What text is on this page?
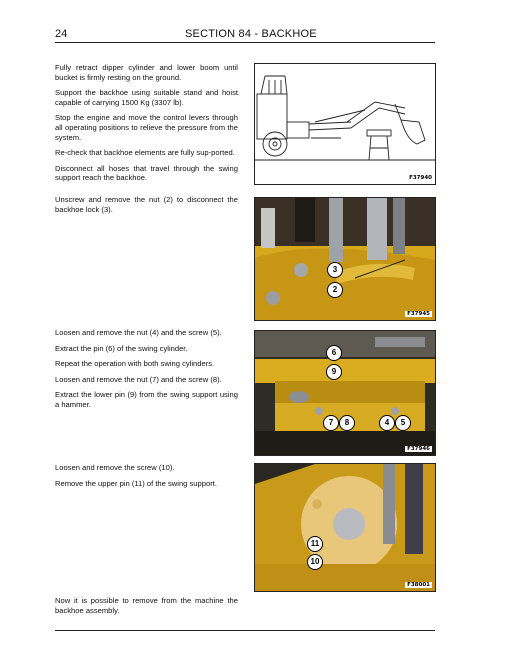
24	SECTION 84 - BACKHOE

Fully retract dipper cylinder and lower boom until bucket is firmly resting on the ground.

Support the backhoe using suitable stand and hoist capable of carrying 1500 Kg (3307 lb).

Stop the engine and move the control levers through all operating positions to relieve the pressure from the system.

Re-check that backhoe elements are fully sup-ported.

Disconnect all hoses that travel through the swing support reach the backhoe.	F37940

Unscrew and remove the nut (2) to disconnect the backhoe lock (3).

3
2
F37945

Loosen and remove the nut (4) and the screw (5).

Extract the pin (6) of the swing cylinder.

Repeat the operation with both swing cylinders.

Loosen and remove the nut (7) and the screw (8).

Extract the lower pin (9) from the swing support using a hammer.

6
9
7	8	4	5
F37946

Loosen and remove the screw (10).

Remove the upper pin (11) of the swing support.

11
10
F38001

Now it is possible to remove from the machine the backhoe assembly.
